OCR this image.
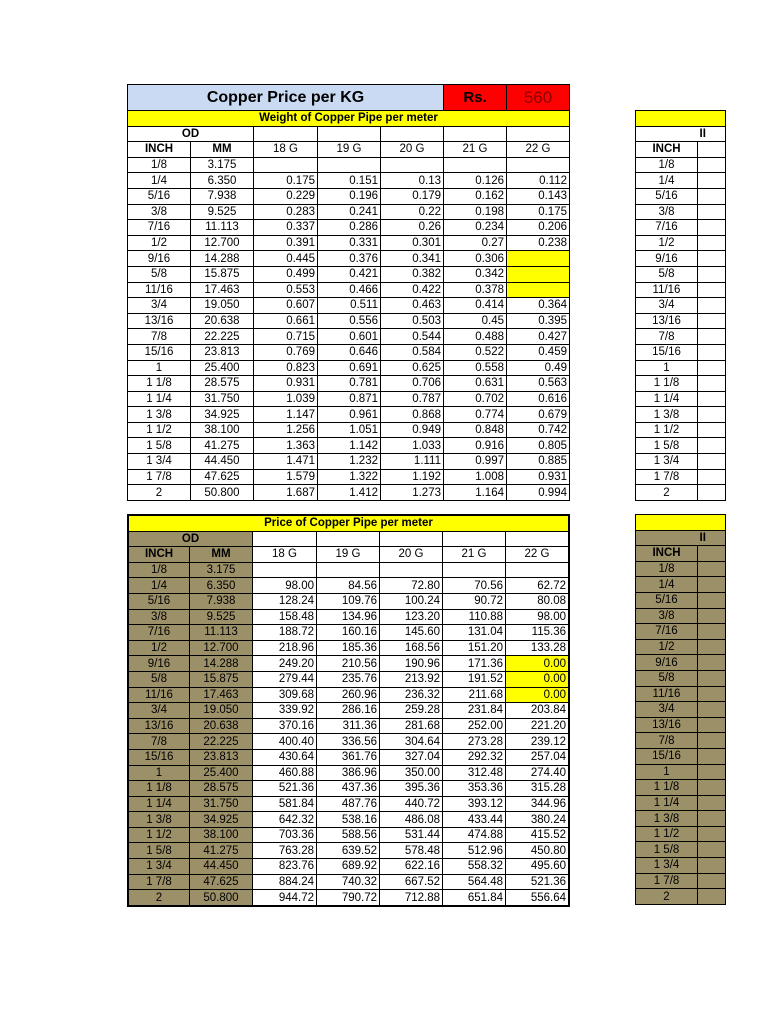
Copper Price per KG					Rs.	560
Weight of Copper Pipe per meter						
OD						
INCH	MM	18 G	19 G	20 G	21 G	22 G
1/8	3.175					
1/4	6.350	0.175	0.151	0.13	0.126	0.112
5/16	7.938	0.229	0.196	0.179	0.162	0.143
3/8	9.525	0.283	0.241	0.22	0.198	0.175
7/16	11.113	0.337	0.286	0.26	0.234	0.206
1/2	12.700	0.391	0.331	0.301	0.27	0.238
9/16	14.288	0.445	0.376	0.341	0.306	
5/8	15.875	0.499	0.421	0.382	0.342	
11/16	17.463	0.553	0.466	0.422	0.378	
3/4	19.050	0.607	0.511	0.463	0.414	0.364
13/16	20.638	0.661	0.556	0.503	0.45	0.395
7/8	22.225	0.715	0.601	0.544	0.488	0.427
15/16	23.813	0.769	0.646	0.584	0.522	0.459
1	25.400	0.823	0.691	0.625	0.558	0.49
1 1/8	28.575	0.931	0.781	0.706	0.631	0.563
1 1/4	31.750	1.039	0.871	0.787	0.702	0.616
1 3/8	34.925	1.147	0.961	0.868	0.774	0.679
1 1/2	38.100	1.256	1.051	0.949	0.848	0.742
1 5/8	41.275	1.363	1.142	1.033	0.916	0.805
1 3/4	44.450	1.471	1.232	1.111	0.997	0.885
1 7/8	47.625	1.579	1.322	1.192	1.008	0.931
2	50.800	1.687	1.412	1.273	1.164	0.994

	II
INCH	
1/8	
1/4	
5/16	
3/8	
7/16	
1/2	
9/16	
5/8	
11/16	
3/4	
13/16	
7/8	
15/16	
1	
1 1/8	
1 1/4	
1 3/8	
1 1/2	
1 5/8	
1 3/4	
1 7/8	
2	
Price of Copper Pipe per meter						
OD						
INCH	MM	18 G	19 G	20 G	21 G	22 G
1/8	3.175					
1/4	6.350	98.00	84.56	72.80	70.56	62.72
5/16	7.938	128.24	109.76	100.24	90.72	80.08
3/8	9.525	158.48	134.96	123.20	110.88	98.00
7/16	11.113	188.72	160.16	145.60	131.04	115.36
1/2	12.700	218.96	185.36	168.56	151.20	133.28
9/16	14.288	249.20	210.56	190.96	171.36	0.00
5/8	15.875	279.44	235.76	213.92	191.52	0.00
11/16	17.463	309.68	260.96	236.32	211.68	0.00
3/4	19.050	339.92	286.16	259.28	231.84	203.84
13/16	20.638	370.16	311.36	281.68	252.00	221.20
7/8	22.225	400.40	336.56	304.64	273.28	239.12
15/16	23.813	430.64	361.76	327.04	292.32	257.04
1	25.400	460.88	386.96	350.00	312.48	274.40
1 1/8	28.575	521.36	437.36	395.36	353.36	315.28
1 1/4	31.750	581.84	487.76	440.72	393.12	344.96
1 3/8	34.925	642.32	538.16	486.08	433.44	380.24
1 1/2	38.100	703.36	588.56	531.44	474.88	415.52
1 5/8	41.275	763.28	639.52	578.48	512.96	450.80
1 3/4	44.450	823.76	689.92	622.16	558.32	495.60
1 7/8	47.625	884.24	740.32	667.52	564.48	521.36
2	50.800	944.72	790.72	712.88	651.84	556.64

	II
INCH	
1/8	
1/4	
5/16	
3/8	
7/16	
1/2	
9/16	
5/8	
11/16	
3/4	
13/16	
7/8	
15/16	
1	
1 1/8	
1 1/4	
1 3/8	
1 1/2	
1 5/8	
1 3/4	
1 7/8	
2	
